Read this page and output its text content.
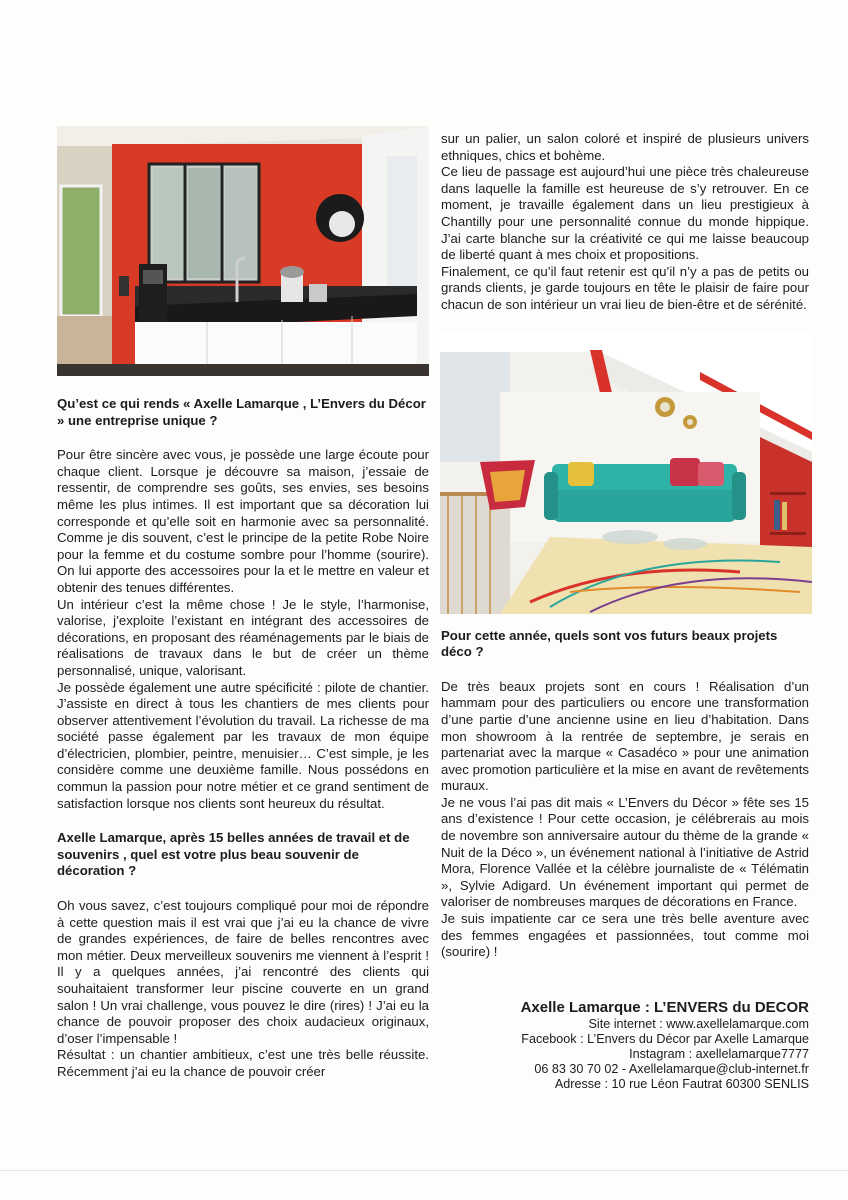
Qu’est ce qui rends « Axelle Lamarque , L’Envers du Décor » une entreprise unique ?

Pour être sincère avec vous, je possède une large écoute pour chaque client. Lorsque je découvre sa maison, j’essaie de ressentir, de comprendre ses goûts, ses envies, ses besoins même les plus intimes. Il est important que sa décoration lui corresponde et qu’elle soit en harmonie avec sa personnalité. Comme je dis souvent, c’est le principe de la petite Robe Noire pour la femme et du costume sombre pour l’homme (sourire). On lui apporte des accessoires pour la et le mettre en valeur et obtenir des tenues différentes.

Un intérieur c’est la même chose ! Je le style, l’harmonise, valorise, j’exploite l’existant en intégrant des accessoires de décorations, en proposant des réaménagements par le biais de réalisations de travaux dans le but de créer un thème personnalisé, unique, valorisant.

Je possède également une autre spécificité : pilote de chantier. J’assiste en direct à tous les chantiers de mes clients pour observer attentivement l’évolution du travail. La richesse de ma société passe également par les travaux de mon équipe d’électricien, plombier, peintre, menuisier… C’est simple, je les considère comme une deuxième famille. Nous possédons en commun la passion pour notre métier et ce grand sentiment de satisfaction lorsque nos clients sont heureux du résultat.

Axelle Lamarque, après 15 belles années de travail et de souvenirs , quel est votre plus beau souvenir de décoration ?

Oh vous savez, c’est toujours compliqué pour moi de répondre à cette question mais il est vrai que j’ai eu la chance de vivre de grandes expériences, de faire de belles rencontres avec mon métier. Deux merveilleux souvenirs me viennent à l’esprit ! Il y a quelques années, j’ai rencontré des clients qui souhaitaient transformer leur piscine couverte en un grand salon ! Un vrai challenge, vous pouvez le dire (rires) ! J’ai eu la chance de pouvoir proposer des choix audacieux originaux, d’oser l’impensable !

Résultat : un chantier ambitieux, c’est une très belle réussite. Récemment j’ai eu la chance de pouvoir créer

sur un palier, un salon coloré et inspiré de plusieurs univers ethniques, chics et bohème.

Ce lieu de passage est aujourd’hui une pièce très chaleureuse dans laquelle la famille est heureuse de s’y retrouver. En ce moment, je travaille également dans un lieu prestigieux à Chantilly pour une personnalité connue du monde hippique. J’ai carte blanche sur la créativité ce qui me laisse beaucoup de liberté quant à mes choix et propositions.

Finalement, ce qu’il faut retenir est qu’il n’y a pas de petits ou grands clients, je garde toujours en tête le plaisir de faire pour chacun de son intérieur un vrai lieu de bien-être et de sérénité.

Pour cette année, quels sont vos futurs beaux projets déco ?

De très beaux projets sont en cours ! Réalisation d’un hammam pour des particuliers ou encore une transformation d’une partie d’une ancienne usine en lieu d’habitation. Dans mon showroom à la rentrée de septembre, je serais en partenariat avec la marque « Casadéco » pour une animation avec promotion particulière et la mise en avant de revêtements muraux.

Je ne vous l’ai pas dit mais « L’Envers du Décor » fête ses 15 ans d’existence ! Pour cette occasion, je célébrerais au mois de novembre son anniversaire autour du thème de la grande « Nuit de la Déco », un événement national à l’initiative de Astrid Mora, Florence Vallée et la célèbre journaliste de « Télématin », Sylvie Adigard. Un événement important qui permet de valoriser de nombreuses marques de décorations en France.

Je suis impatiente car ce sera une très belle aventure avec des femmes engagées et passionnées, tout comme moi (sourire) !

Axelle Lamarque : L’ENVERS du DECOR
Site internet : www.axellelamarque.com
Facebook : L’Envers du Décor par Axelle Lamarque
Instagram : axellelamarque7777
06 83 30 70 02 - Axellelamarque@club-internet.fr
Adresse : 10 rue Léon Fautrat 60300 SENLIS
